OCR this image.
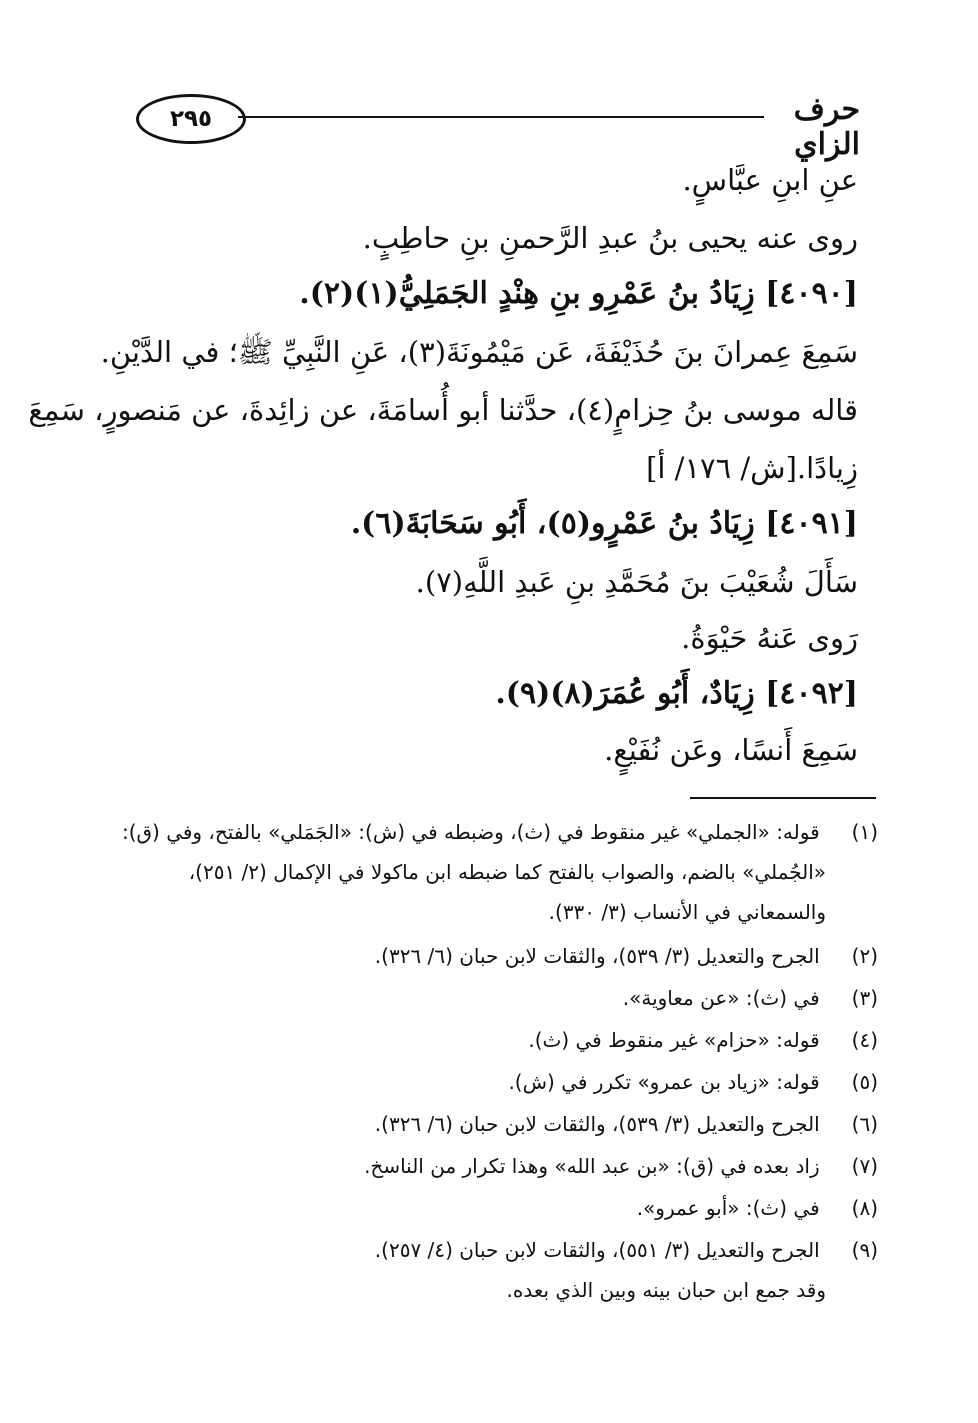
٢٩٥	حرف الزاي
عنِ ابنِ عبَّاسٍ.
روى عنه يحيى بنُ عبدِ الرَّحمنِ بنِ حاطِبٍ.
[٤٠٩٠] زِيَادُ بنُ عَمْرِو بنِ هِنْدٍ الجَمَلِيُّ(١)(٢).
سَمِعَ عِمرانَ بنَ حُذَيْفَةَ، عَن مَيْمُونَةَ(٣)، عَنِ النَّبِيِّ ﷺ؛ في الدَّيْنِ.
قاله موسى بنُ حِزامٍ(٤)، حدَّثنا أبو أُسامَةَ، عن زائِدةَ، عن مَنصورٍ، سَمِعَ
زِيادًا.[ش/ ١٧٦/ أ]
[٤٠٩١] زِيَادُ بنُ عَمْرٍو(٥)، أَبُو سَحَابَةَ(٦).
سَأَلَ شُعَيْبَ بنَ مُحَمَّدِ بنِ عَبدِ اللَّهِ(٧).
رَوى عَنهُ حَيْوَةُ.
[٤٠٩٢] زِيَادٌ، أَبُو عُمَرَ(٨)(٩).
سَمِعَ أَنسًا، وعَن نُفَيْعٍ.
(١) قوله: «الجملي» غير منقوط في (ث)، وضبطه في (ش): «الجَمَلي» بالفتح، وفي (ق):
«الجُملي» بالضم، والصواب بالفتح كما ضبطه ابن ماكولا في الإكمال (٢/ ٢٥١)،
والسمعاني في الأنساب (٣/ ٣٣٠).
(٢) الجرح والتعديل (٣/ ٥٣٩)، والثقات لابن حبان (٦/ ٣٢٦).
(٣) في (ث): «عن معاوية».
(٤) قوله: «حزام» غير منقوط في (ث).
(٥) قوله: «زياد بن عمرو» تكرر في (ش).
(٦) الجرح والتعديل (٣/ ٥٣٩)، والثقات لابن حبان (٦/ ٣٢٦).
(٧) زاد بعده في (ق): «بن عبد الله» وهذا تكرار من الناسخ.
(٨) في (ث): «أبو عمرو».
(٩) الجرح والتعديل (٣/ ٥٥١)، والثقات لابن حبان (٤/ ٢٥٧).
وقد جمع ابن حبان بينه وبين الذي بعده.
